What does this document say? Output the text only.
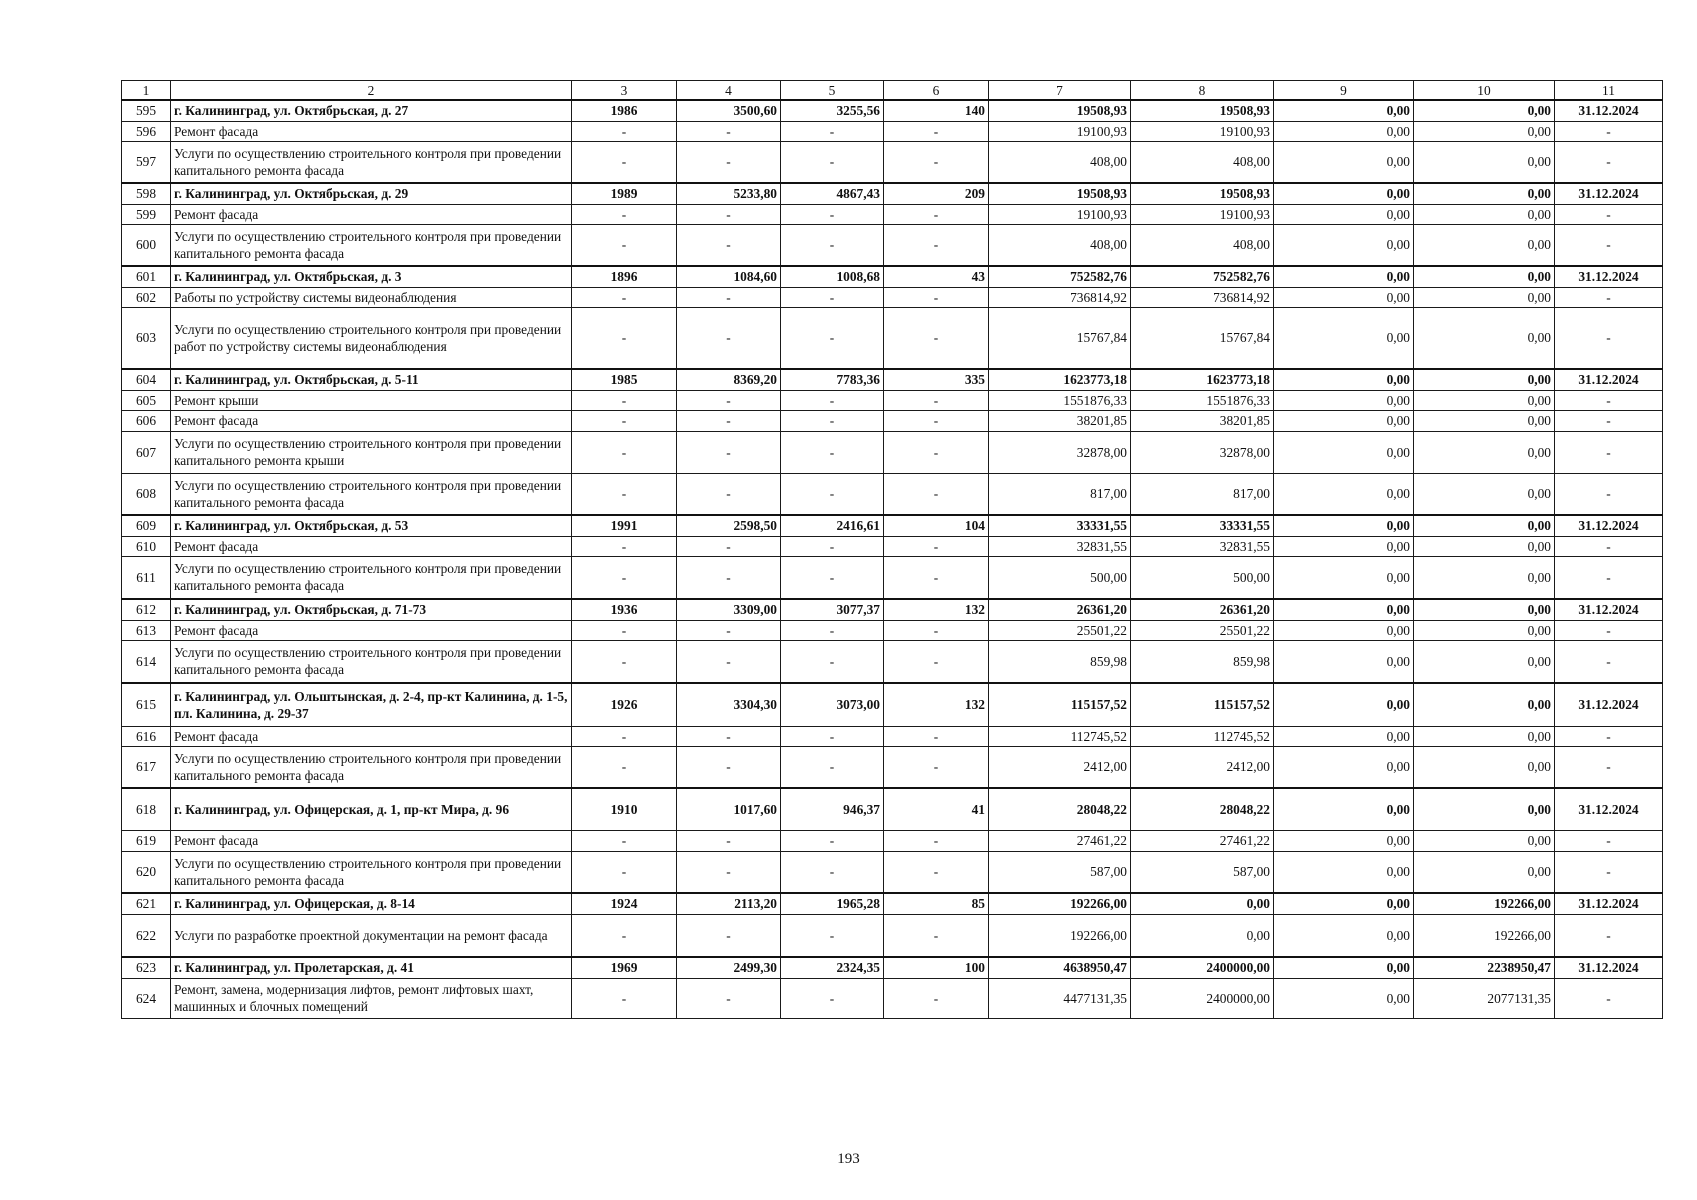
1	2	3	4	5	6	7	8	9	10	11
595	г. Калининград, ул. Октябрьская, д. 27	1986	3500,60	3255,56	140	19508,93	19508,93	0,00	0,00	31.12.2024
596	Ремонт фасада	-	-	-	-	19100,93	19100,93	0,00	0,00	-
597	Услуги по осуществлению строительного контроля при проведении капитального ремонта фасада	-	-	-	-	408,00	408,00	0,00	0,00	-
598	г. Калининград, ул. Октябрьская, д. 29	1989	5233,80	4867,43	209	19508,93	19508,93	0,00	0,00	31.12.2024
599	Ремонт фасада	-	-	-	-	19100,93	19100,93	0,00	0,00	-
600	Услуги по осуществлению строительного контроля при проведении капитального ремонта фасада	-	-	-	-	408,00	408,00	0,00	0,00	-
601	г. Калининград, ул. Октябрьская, д. 3	1896	1084,60	1008,68	43	752582,76	752582,76	0,00	0,00	31.12.2024
602	Работы по устройству системы видеонаблюдения	-	-	-	-	736814,92	736814,92	0,00	0,00	-
603	Услуги по осуществлению строительного контроля при проведении работ по устройству системы видеонаблюдения	-	-	-	-	15767,84	15767,84	0,00	0,00	-
604	г. Калининград, ул. Октябрьская, д. 5-11	1985	8369,20	7783,36	335	1623773,18	1623773,18	0,00	0,00	31.12.2024
605	Ремонт крыши	-	-	-	-	1551876,33	1551876,33	0,00	0,00	-
606	Ремонт фасада	-	-	-	-	38201,85	38201,85	0,00	0,00	-
607	Услуги по осуществлению строительного контроля при проведении капитального ремонта крыши	-	-	-	-	32878,00	32878,00	0,00	0,00	-
608	Услуги по осуществлению строительного контроля при проведении капитального ремонта фасада	-	-	-	-	817,00	817,00	0,00	0,00	-
609	г. Калининград, ул. Октябрьская, д. 53	1991	2598,50	2416,61	104	33331,55	33331,55	0,00	0,00	31.12.2024
610	Ремонт фасада	-	-	-	-	32831,55	32831,55	0,00	0,00	-
611	Услуги по осуществлению строительного контроля при проведении капитального ремонта фасада	-	-	-	-	500,00	500,00	0,00	0,00	-
612	г. Калининград, ул. Октябрьская, д. 71-73	1936	3309,00	3077,37	132	26361,20	26361,20	0,00	0,00	31.12.2024
613	Ремонт фасада	-	-	-	-	25501,22	25501,22	0,00	0,00	-
614	Услуги по осуществлению строительного контроля при проведении капитального ремонта фасада	-	-	-	-	859,98	859,98	0,00	0,00	-
615	г. Калининград, ул. Ольштынская, д. 2-4, пр-кт Калинина, д. 1-5, пл. Калинина, д. 29-37	1926	3304,30	3073,00	132	115157,52	115157,52	0,00	0,00	31.12.2024
616	Ремонт фасада	-	-	-	-	112745,52	112745,52	0,00	0,00	-
617	Услуги по осуществлению строительного контроля при проведении капитального ремонта фасада	-	-	-	-	2412,00	2412,00	0,00	0,00	-
618	г. Калининград, ул. Офицерская, д. 1, пр-кт Мира, д. 96	1910	1017,60	946,37	41	28048,22	28048,22	0,00	0,00	31.12.2024
619	Ремонт фасада	-	-	-	-	27461,22	27461,22	0,00	0,00	-
620	Услуги по осуществлению строительного контроля при проведении капитального ремонта фасада	-	-	-	-	587,00	587,00	0,00	0,00	-
621	г. Калининград, ул. Офицерская, д. 8-14	1924	2113,20	1965,28	85	192266,00	0,00	0,00	192266,00	31.12.2024
622	Услуги по разработке проектной документации на ремонт фасада	-	-	-	-	192266,00	0,00	0,00	192266,00	-
623	г. Калининград, ул. Пролетарская, д. 41	1969	2499,30	2324,35	100	4638950,47	2400000,00	0,00	2238950,47	31.12.2024
624	Ремонт, замена, модернизация лифтов, ремонт лифтовых шахт, машинных и блочных помещений	-	-	-	-	4477131,35	2400000,00	0,00	2077131,35	-
193
